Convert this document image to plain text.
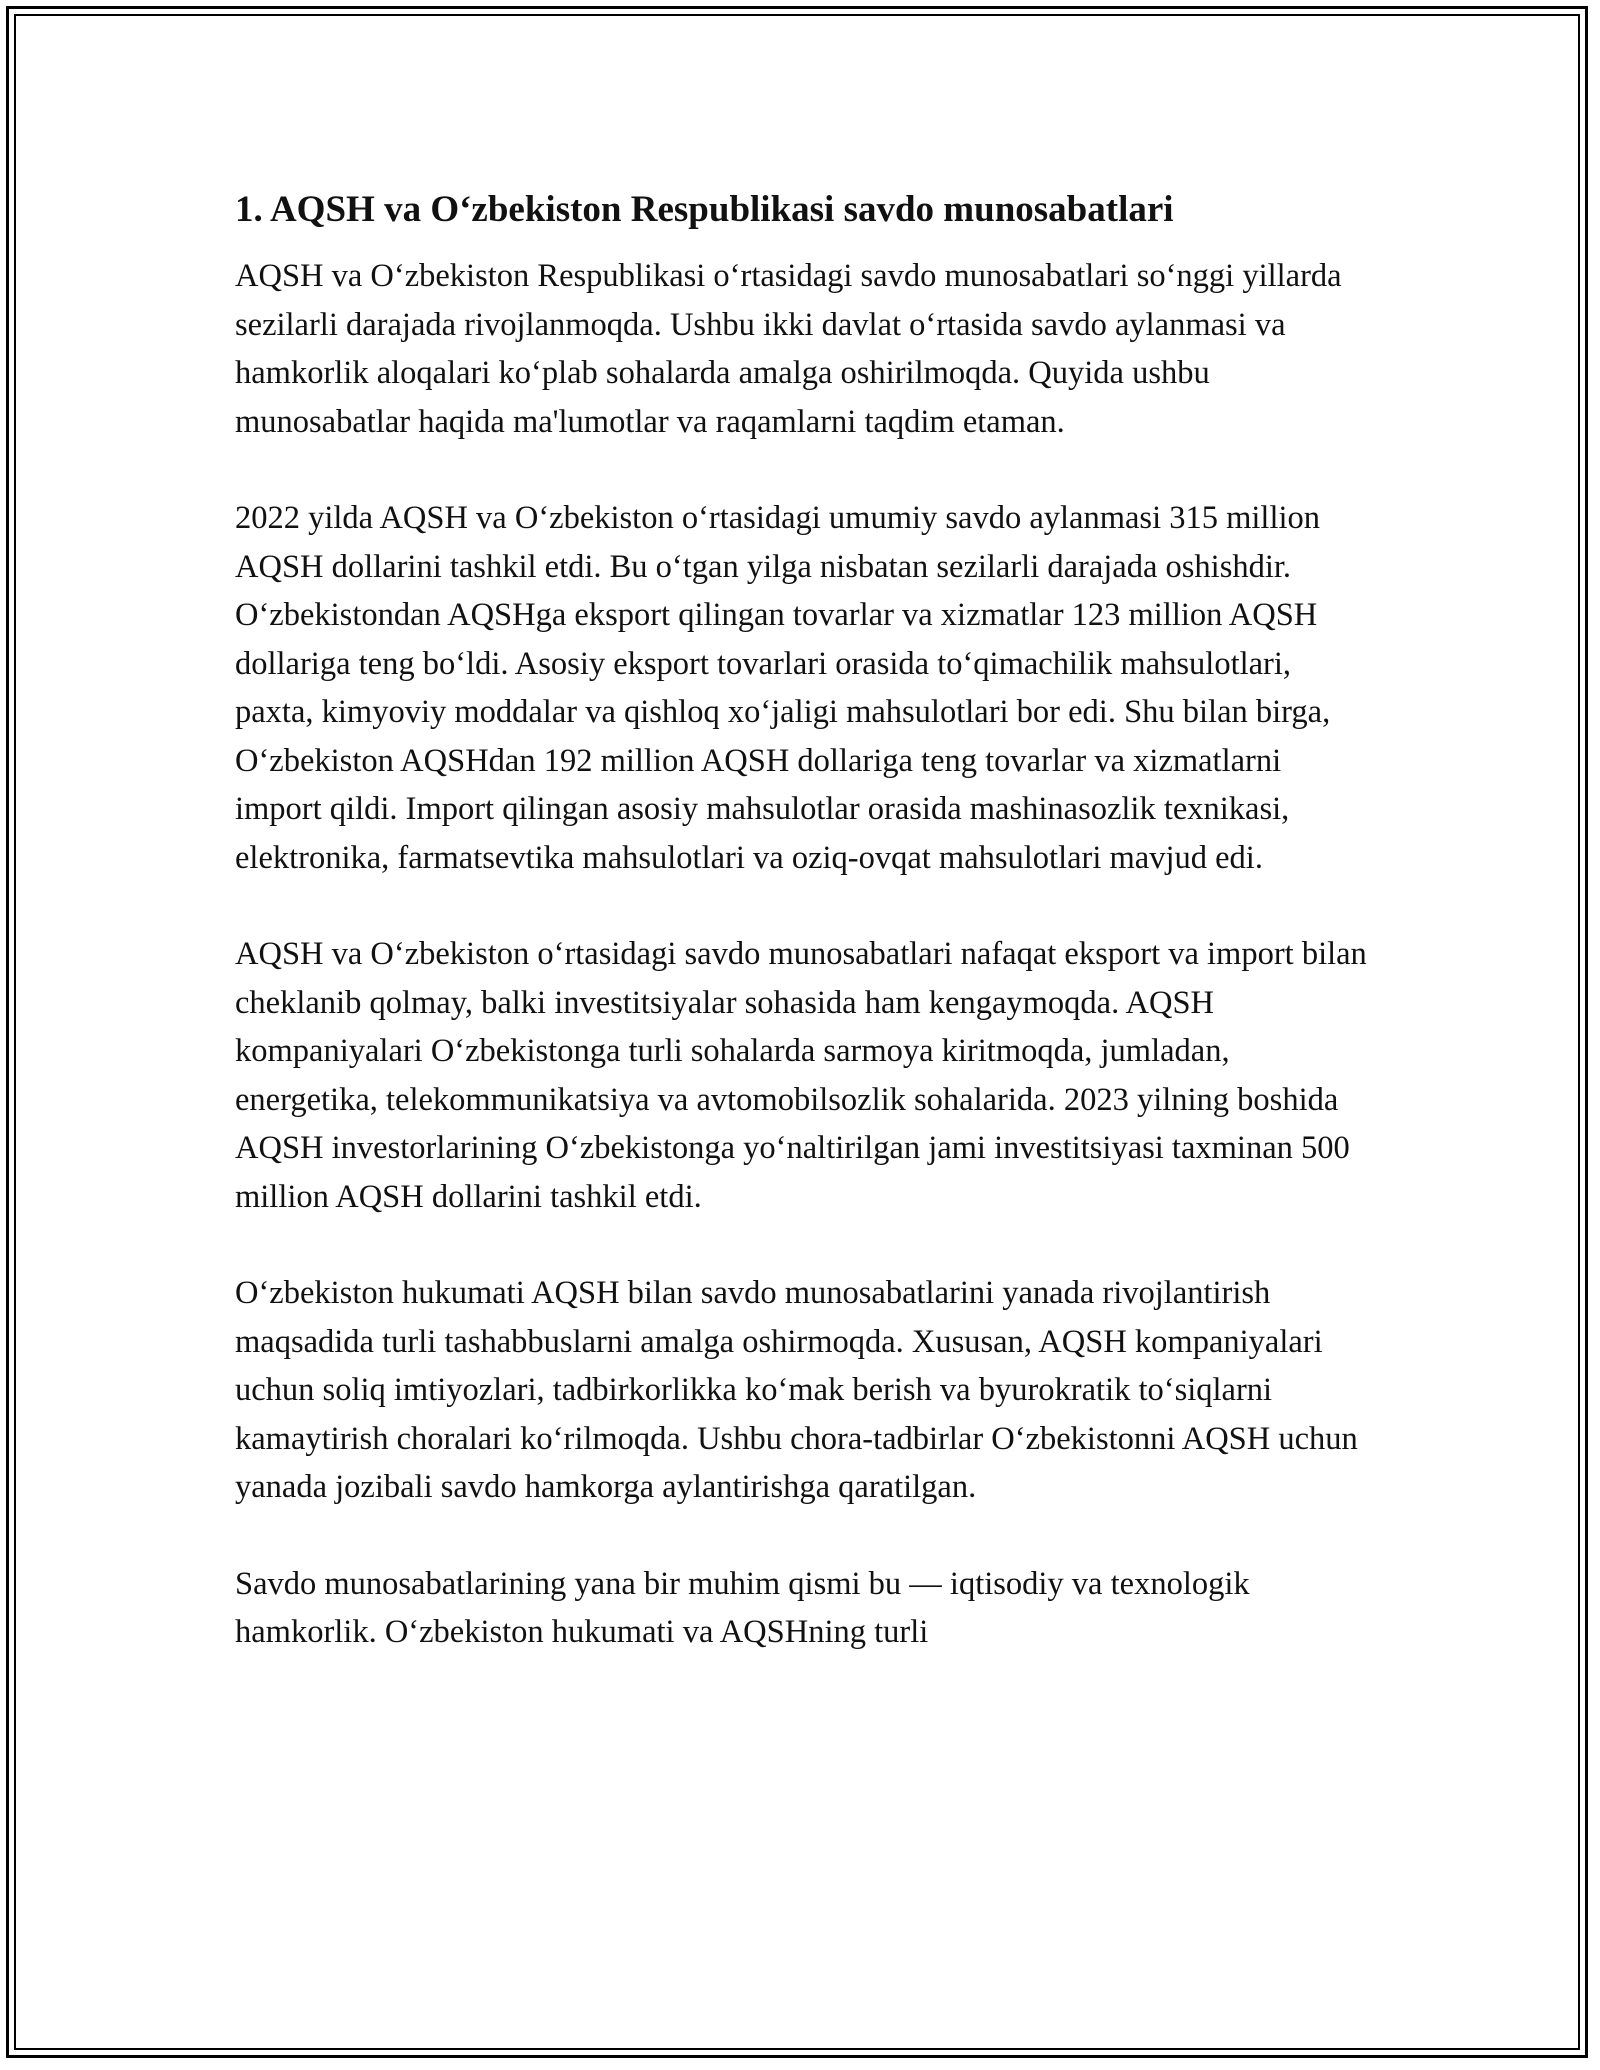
1. AQSH va O‘zbekiston Respublikasi savdo munosabatlari

AQSH va O‘zbekiston Respublikasi o‘rtasidagi savdo munosabatlari so‘nggi yillarda sezilarli darajada rivojlanmoqda. Ushbu ikki davlat o‘rtasida savdo aylanmasi va hamkorlik aloqalari ko‘plab sohalarda amalga oshirilmoqda. Quyida ushbu munosabatlar haqida ma'lumotlar va raqamlarni taqdim etaman.

2022 yilda AQSH va O‘zbekiston o‘rtasidagi umumiy savdo aylanmasi 315 million AQSH dollarini tashkil etdi. Bu o‘tgan yilga nisbatan sezilarli darajada oshishdir. O‘zbekistondan AQSHga eksport qilingan tovarlar va xizmatlar 123 million AQSH dollariga teng bo‘ldi. Asosiy eksport tovarlari orasida to‘qimachilik mahsulotlari, paxta, kimyoviy moddalar va qishloq xo‘jaligi mahsulotlari bor edi. Shu bilan birga, O‘zbekiston AQSHdan 192 million AQSH dollariga teng tovarlar va xizmatlarni import qildi. Import qilingan asosiy mahsulotlar orasida mashinasozlik texnikasi, elektronika, farmatsevtika mahsulotlari va oziq-ovqat mahsulotlari mavjud edi.

AQSH va O‘zbekiston o‘rtasidagi savdo munosabatlari nafaqat eksport va import bilan cheklanib qolmay, balki investitsiyalar sohasida ham kengaymoqda. AQSH kompaniyalari O‘zbekistonga turli sohalarda sarmoya kiritmoqda, jumladan, energetika, telekommunikatsiya va avtomobilsozlik sohalarida. 2023 yilning boshida AQSH investorlarining O‘zbekistonga yo‘naltirilgan jami investitsiyasi taxminan 500 million AQSH dollarini tashkil etdi.

O‘zbekiston hukumati AQSH bilan savdo munosabatlarini yanada rivojlantirish maqsadida turli tashabbuslarni amalga oshirmoqda. Xususan, AQSH kompaniyalari uchun soliq imtiyozlari, tadbirkorlikka ko‘mak berish va byurokratik to‘siqlarni kamaytirish choralari ko‘rilmoqda. Ushbu chora-tadbirlar O‘zbekistonni AQSH uchun yanada jozibali savdo hamkorga aylantirishga qaratilgan.

Savdo munosabatlarining yana bir muhim qismi bu — iqtisodiy va texnologik hamkorlik. O‘zbekiston hukumati va AQSHning turli
